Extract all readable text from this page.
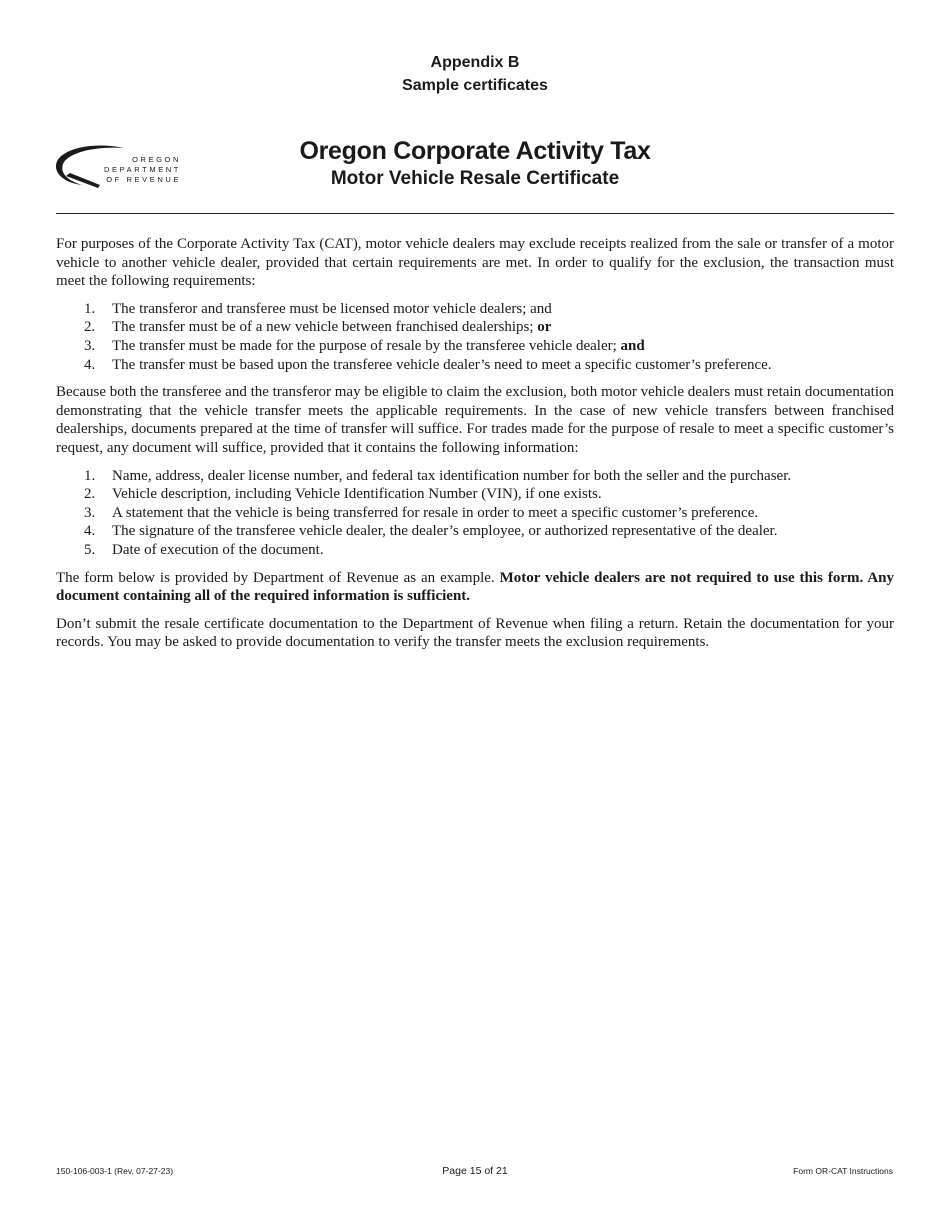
Appendix B
Sample certificates
OREGON
DEPARTMENT
OF REVENUE
Oregon Corporate Activity Tax
Motor Vehicle Resale Certificate

For purposes of the Corporate Activity Tax (CAT), motor vehicle dealers may exclude receipts realized from the sale or transfer of a motor vehicle to another vehicle dealer, provided that certain requirements are met. In order to qualify for the exclusion, the transaction must meet the following requirements:

1.	The transferor and transferee must be licensed motor vehicle dealers; and
2.	The transfer must be of a new vehicle between franchised dealerships; or
3.	The transfer must be made for the purpose of resale by the transferee vehicle dealer; and
4.	The transfer must be based upon the transferee vehicle dealer’s need to meet a specific customer’s preference.

Because both the transferee and the transferor may be eligible to claim the exclusion, both motor vehicle dealers must retain documentation demonstrating that the vehicle transfer meets the applicable requirements. In the case of new vehicle transfers between franchised dealerships, documents prepared at the time of transfer will suffice. For trades made for the purpose of resale to meet a specific customer’s request, any document will suffice, provided that it contains the following information:

1.	Name, address, dealer license number, and federal tax identification number for both the seller and the purchaser.
2.	Vehicle description, including Vehicle Identification Number (VIN), if one exists.
3.	A statement that the vehicle is being transferred for resale in order to meet a specific customer’s preference.
4.	The signature of the transferee vehicle dealer, the dealer’s employee, or authorized representative of the dealer.
5.	Date of execution of the document.

The form below is provided by Department of Revenue as an example. Motor vehicle dealers are not required to use this form. Any document containing all of the required information is sufficient.

Don’t submit the resale certificate documentation to the Department of Revenue when filing a return. Retain the documentation for your records. You may be asked to provide documentation to verify the transfer meets the exclusion requirements.

150-106-003-1 (Rev. 07-27-23)	Page 15 of 21	Form OR-CAT Instructions
